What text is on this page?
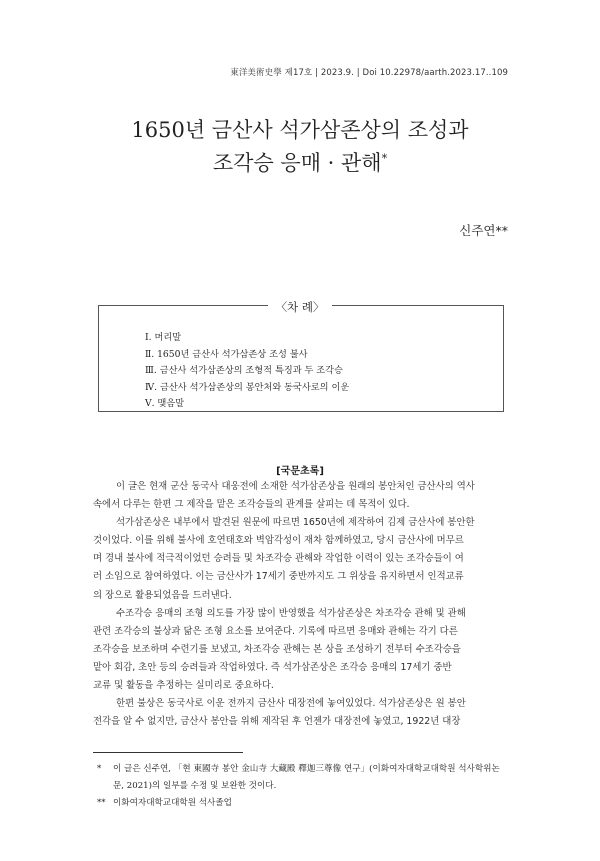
東洋美術史學 제17호 | 2023.9. | Doi 10.22978/aarth.2023.17..109
1650년 금산사 석가삼존상의 조성과
조각승 응매 · 관해*
신주연**
〈차 례〉
Ⅰ. 머리말
Ⅱ. 1650년 금산사 석가삼존상 조성 불사
Ⅲ. 금산사 석가삼존상의 조형적 특징과 두 조각승
Ⅳ. 금산사 석가삼존상의 봉안처와 동국사로의 이운
Ⅴ. 맺음말
[국문초록]
이 글은 현재 군산 동국사 대웅전에 소재한 석가삼존상을 원래의 봉안처인 금산사의 역사
속에서 다루는 한편 그 제작을 맡은 조각승들의 관계를 살피는 데 목적이 있다.
석가삼존상은 내부에서 발견된 원문에 따르면 1650년에 제작하여 김제 금산사에 봉안한
것이었다. 이를 위해 불사에 호연태호와 벽암각성이 재차 함께하였고, 당시 금산사에 머무르
며 경내 불사에 적극적이었던 승려들 및 차조각승 관해와 작업한 이력이 있는 조각승들이 여
러 소임으로 참여하였다. 이는 금산사가 17세기 중반까지도 그 위상을 유지하면서 인적교류
의 장으로 활용되었음을 드러낸다.
수조각승 응매의 조형 의도를 가장 많이 반영했을 석가삼존상은 차조각승 관해 및 관해
관련 조각승의 불상과 닮은 조형 요소를 보여준다. 기록에 따르면 응매와 관해는 각기 다른
조각승을 보조하며 수련기를 보냈고, 차조각승 관해는 본 상을 조성하기 전부터 수조각승을
맡아 회감, 초안 등의 승려들과 작업하였다. 즉 석가삼존상은 조각승 응매의 17세기 중반
교류 및 활동을 추정하는 실미리로 중요하다.
한편 불상은 동국사로 이운 전까지 금산사 대장전에 놓여있었다. 석가삼존상은 원 봉안
전각을 알 수 없지만, 금산사 봉안을 위해 제작된 후 언젠가 대장전에 놓였고, 1922년 대장
* 이 글은 신주연, 「현 東國寺 봉안 金山寺 大藏殿 釋迦三尊像 연구」(이화여자대학교대학원 석사학위논
문, 2021)의 일부를 수정 및 보완한 것이다.
** 이화여자대학교대학원 석사졸업
